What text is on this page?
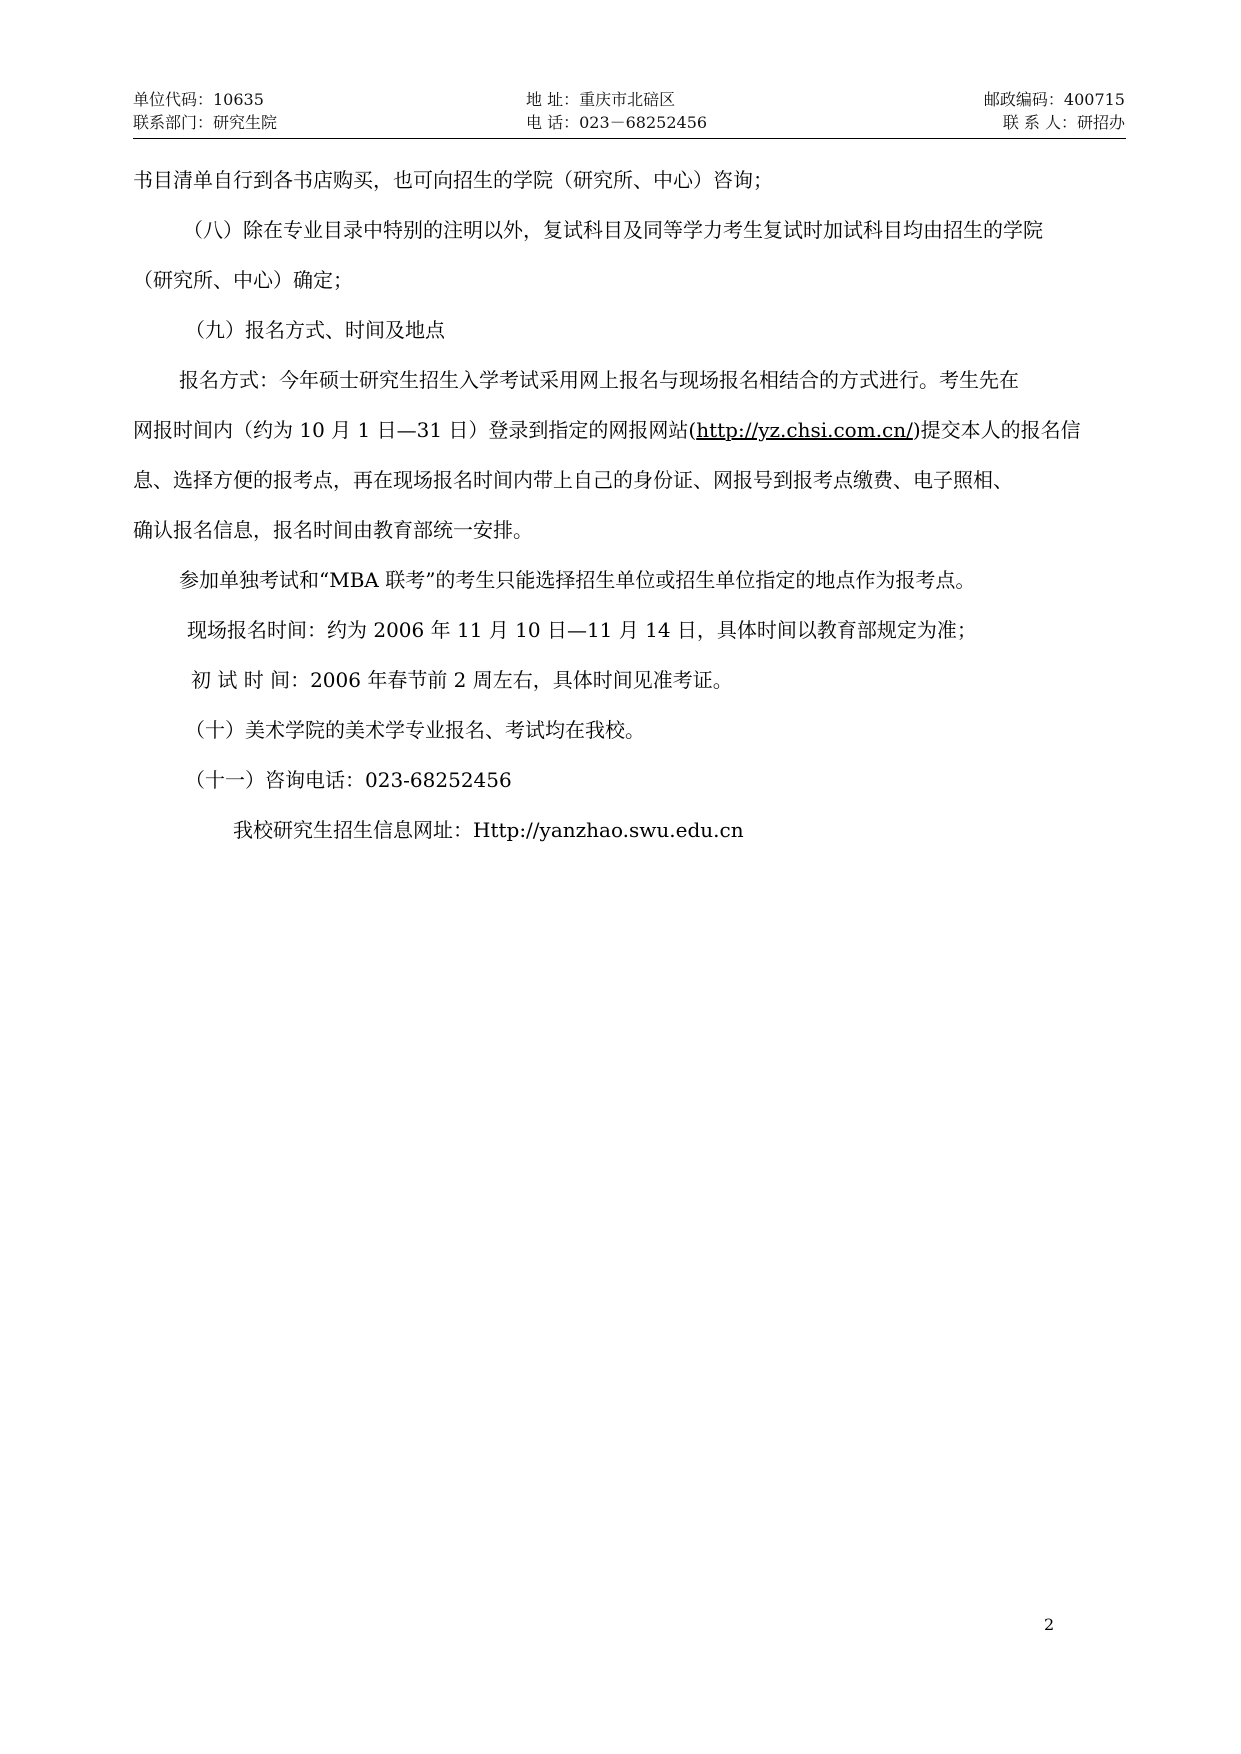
单位代码：10635	地 址：重庆市北碚区	邮政编码：400715
联系部门：研究生院	电 话：023－68252456	联 系 人：研招办

书目清单自行到各书店购买，也可向招生的学院（研究所、中心）咨询；

（八）除在专业目录中特别的注明以外，复试科目及同等学力考生复试时加试科目均由招生的学院

（研究所、中心）确定；

（九）报名方式、时间及地点

报名方式：今年硕士研究生招生入学考试采用网上报名与现场报名相结合的方式进行。考生先在

网报时间内（约为 10 月 1 日—31 日）登录到指定的网报网站(http://yz.chsi.com.cn/)提交本人的报名信

息、选择方便的报考点，再在现场报名时间内带上自己的身份证、网报号到报考点缴费、电子照相、

确认报名信息，报名时间由教育部统一安排。

参加单独考试和“MBA 联考”的考生只能选择招生单位或招生单位指定的地点作为报考点。

现场报名时间：约为 2006 年 11 月 10 日—11 月 14 日，具体时间以教育部规定为准；

初 试 时 间：2006 年春节前 2 周左右，具体时间见准考证。

（十）美术学院的美术学专业报名、考试均在我校。

（十一）咨询电话：023-68252456

我校研究生招生信息网址：Http://yanzhao.swu.edu.cn

2
